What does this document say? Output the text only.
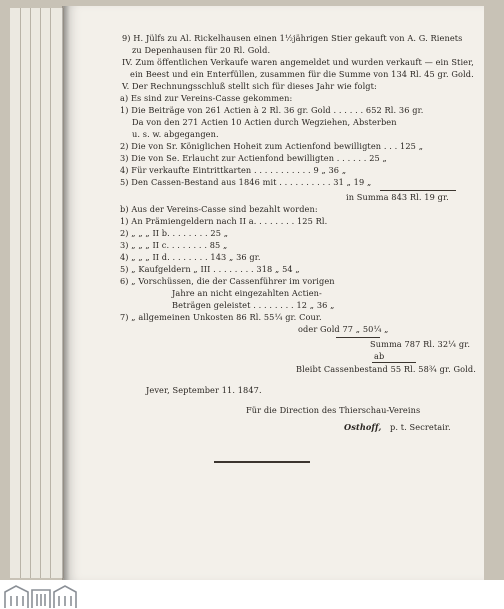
9) H. Jülfs zu Al. Rickelhausen einen 1½jährigen Stier gekauft von A. G. Rienets
zu Depenhausen für 20 Rl. Gold.
IV. Zum öffentlichen Verkaufe waren angemeldet und wurden verkauft — ein Stier,
ein Beest und ein Enterfüllen, zusammen für die Summe von 134 Rl. 45 gr. Gold.
V. Der Rechnungsschluß stellt sich für dieses Jahr wie folgt:
a) Es sind zur Vereins-Casse gekommen:
1) Die Beiträge von 261 Actien à 2 Rl. 36 gr. Gold . . . . . . 652 Rl. 36 gr.
Da von den 271 Actien 10 Actien durch Wegziehen, Absterben
u. s. w. abgegangen.
2) Die von Sr. Königlichen Hoheit zum Actienfond bewilligten . . . 125 „
3) Die von Se. Erlaucht zur Actienfond bewilligten . . . . . . 25 „
4) Für verkaufte Eintrittkarten . . . . . . . . . . . 9 „ 36 „
5) Den Cassen-Bestand aus 1846 mit . . . . . . . . . . 31 „ 19 „
in Summa 843 Rl. 19 gr.
b) Aus der Vereins-Casse sind bezahlt worden:
1) An Prämiengeldern nach II a. . . . . . . . 125 Rl.
2) „ „ „ II b. . . . . . . . 25 „
3) „ „ „ II c. . . . . . . . 85 „
4) „ „ „ II d. . . . . . . . 143 „ 36 gr.
5) „ Kaufgeldern „ III . . . . . . . . 318 „ 54 „
6) „ Vorschüssen, die der Cassenführer im vorigen
Jahre an nicht eingezahlten Actien-
Beträgen geleistet . . . . . . . . 12 „ 36 „
7) „ allgemeinen Unkosten 86 Rl. 55¼ gr. Cour.
oder Gold 77 „ 50¼ „
Summa 787 Rl. 32¼ gr.
ab
Bleibt Cassenbestand 55 Rl. 58¾ gr. Gold.
Jever, September 11. 1847.
Für die Direction des Thierschau-Vereins
Osthoff, p. t. Secretair.
